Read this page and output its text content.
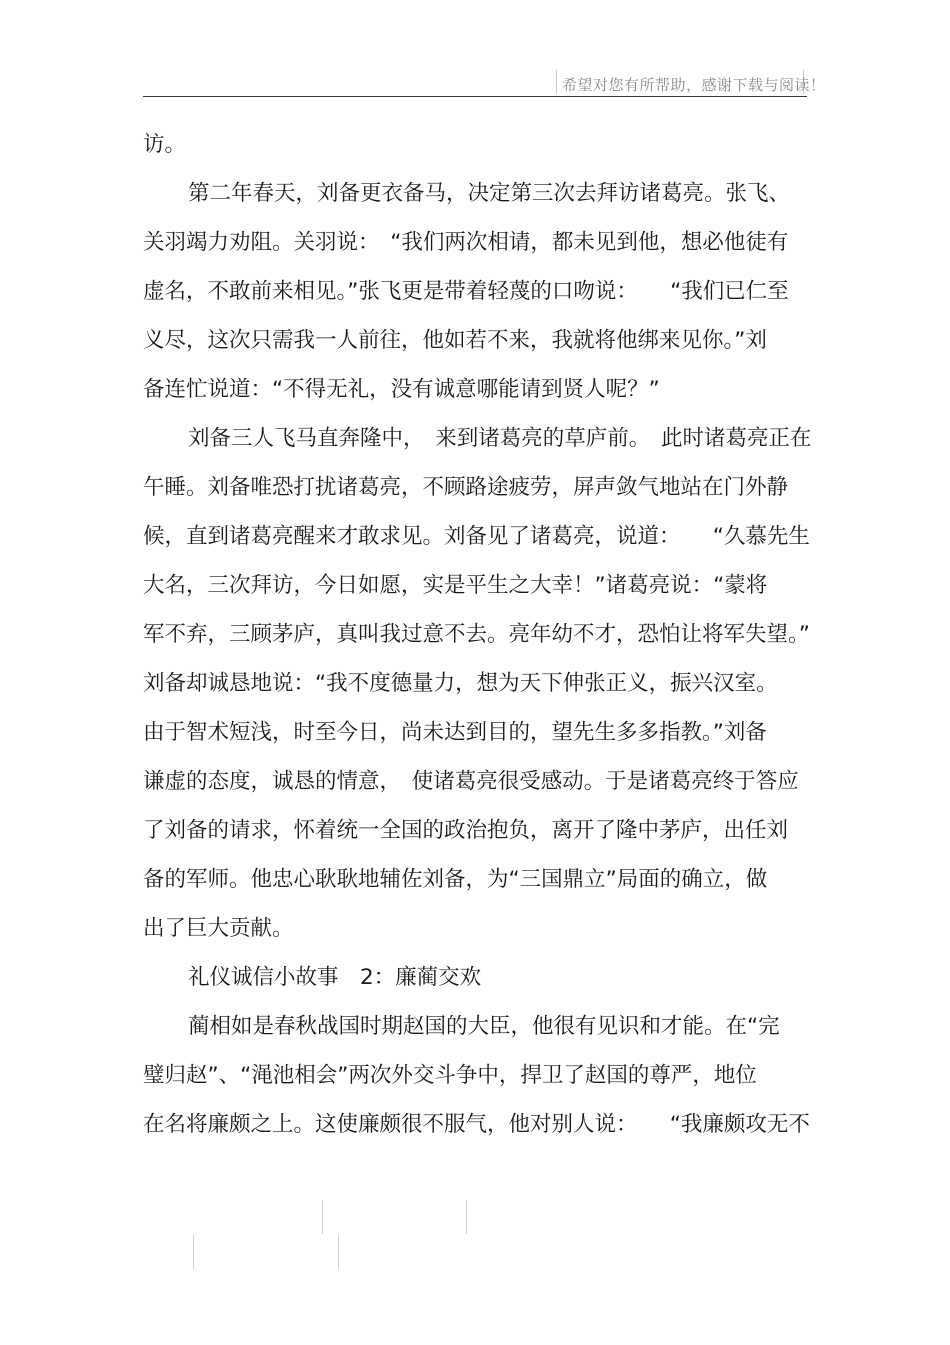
希望对您有所帮助，感谢下载与阅读！
访。
第二年春天，刘备更衣备马，决定第三次去拜访诸葛亮。张飞、
关羽竭力劝阻。关羽说：　“我们两次相请，都未见到他，想必他徒有
虚名，不敢前来相见。”张飞更是带着轻蔑的口吻说：　　“我们已仁至
义尽，这次只需我一人前往，他如若不来，我就将他绑来见你。”刘
备连忙说道：“不得无礼，没有诚意哪能请到贤人呢？”
刘备三人飞马直奔隆中，　来到诸葛亮的草庐前。　此时诸葛亮正在
午睡。刘备唯恐打扰诸葛亮，不顾路途疲劳，屏声敛气地站在门外静
候，直到诸葛亮醒来才敢求见。刘备见了诸葛亮，说道：　　“久慕先生
大名，三次拜访，今日如愿，实是平生之大幸！”诸葛亮说：“蒙将
军不弃，三顾茅庐，真叫我过意不去。亮年幼不才，恐怕让将军失望。”
刘备却诚恳地说：“我不度德量力，想为天下伸张正义，振兴汉室。
由于智术短浅，时至今日，尚未达到目的，望先生多多指教。”刘备
谦虚的态度，诚恳的情意，　使诸葛亮很受感动。于是诸葛亮终于答应
了刘备的请求，怀着统一全国的政治抱负，离开了隆中茅庐，出任刘
备的军师。他忠心耿耿地辅佐刘备，为“三国鼎立”局面的确立，做
出了巨大贡献。
礼仪诚信小故事　2：廉蔺交欢
蔺相如是春秋战国时期赵国的大臣，他很有见识和才能。在“完
璧归赵”、“渑池相会”两次外交斗争中，捍卫了赵国的尊严，地位
在名将廉颇之上。这使廉颇很不服气，他对别人说：　　“我廉颇攻无不
